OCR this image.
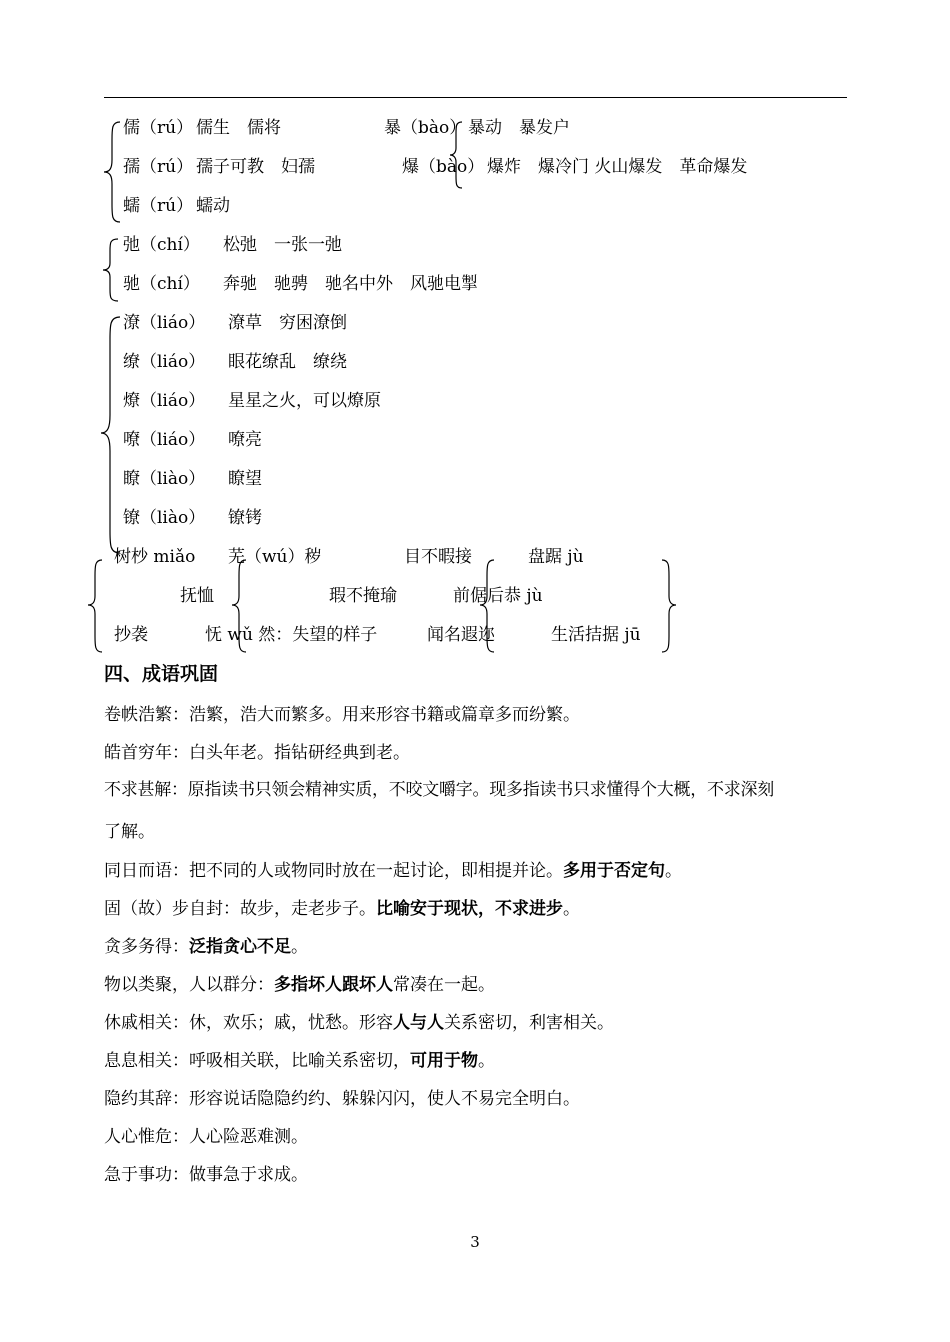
儒（rú） 儒生　儒将
孺（rú） 孺子可教　妇孺
蠕（rú） 蠕动
暴（bào） 暴动　暴发户
爆（bào） 爆炸　爆冷门 火山爆发　革命爆发
弛（chí） 松弛　一张一弛
驰（chí） 奔驰　驰骋　驰名中外　风驰电掣
潦（liáo） 潦草　穷困潦倒
缭（liáo） 眼花缭乱　缭绕
燎（liáo） 星星之火，可以燎原
嘹（liáo） 嘹亮
瞭（liào） 瞭望
镣（liào） 镣铐
树杪 miǎo 芜（wú）秽	目不暇接	盘踞 jù
抚恤	瑕不掩瑜	前倨后恭 jù
抄袭	怃 wǔ 然：失望的样子	闻名遐迩	生活拮据 jū
四、成语巩固
卷帙浩繁：浩繁，浩大而繁多。用来形容书籍或篇章多而纷繁。
皓首穷年：白头年老。指钻研经典到老。
不求甚解：原指读书只领会精神实质，不咬文嚼字。现多指读书只求懂得个大概，不求深刻
了解。
同日而语：把不同的人或物同时放在一起讨论，即相提并论。多用于否定句。
固（故）步自封：故步，走老步子。比喻安于现状，不求进步。
贪多务得：泛指贪心不足。
物以类聚，人以群分：多指坏人跟坏人常凑在一起。
休戚相关：休，欢乐；戚，忧愁。形容人与人关系密切，利害相关。
息息相关：呼吸相关联，比喻关系密切，可用于物。
隐约其辞：形容说话隐隐约约、躲躲闪闪，使人不易完全明白。
人心惟危：人心险恶难测。
急于事功：做事急于求成。
3
